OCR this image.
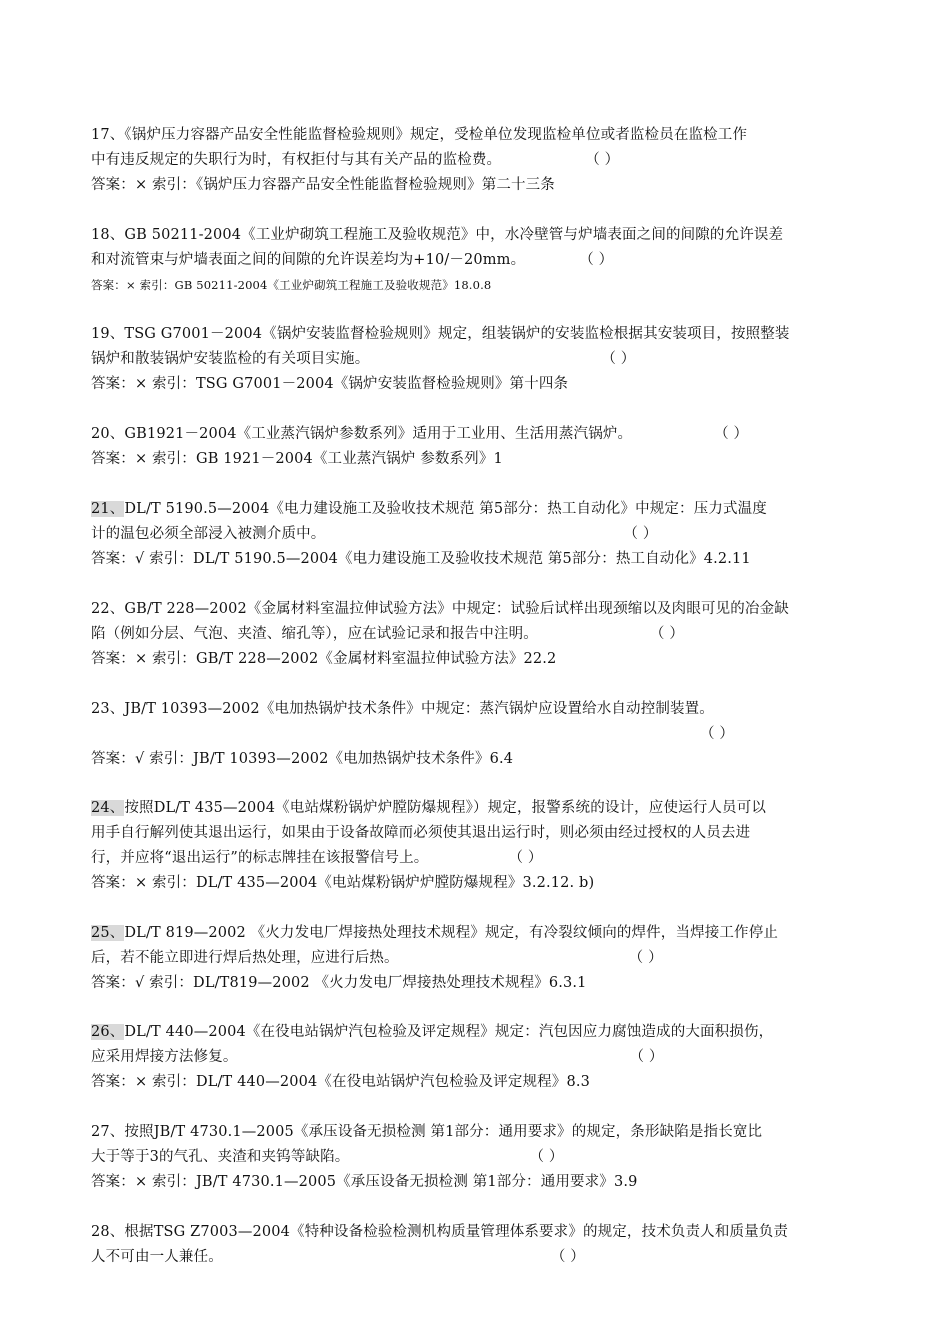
17、《锅炉压力容器产品安全性能监督检验规则》规定，受检单位发现监检单位或者监检员在监检工作
中有违反规定的失职行为时，有权拒付与其有关产品的监检费。	（ ）
答案：× 索引：《锅炉压力容器产品安全性能监督检验规则》第二十三条
18、GB 50211-2004《工业炉砌筑工程施工及验收规范》中，水冷壁管与炉墙表面之间的间隙的允许误差
和对流管束与炉墙表面之间的间隙的允许误差均为+10/－20mm。	（ ）
答案：× 索引：GB 50211-2004《工业炉砌筑工程施工及验收规范》18.0.8
19、TSG G7001－2004《锅炉安装监督检验规则》规定，组装锅炉的安装监检根据其安装项目，按照整装
锅炉和散装锅炉安装监检的有关项目实施。	（ ）
答案：× 索引：TSG G7001－2004《锅炉安装监督检验规则》第十四条
20、GB1921－2004《工业蒸汽锅炉参数系列》适用于工业用、生活用蒸汽锅炉。	（ ）
答案：× 索引：GB 1921－2004《工业蒸汽锅炉 参数系列》1
21、DL/T 5190.5—2004《电力建设施工及验收技术规范 第5部分：热工自动化》中规定：压力式温度
计的温包必须全部浸入被测介质中。	（ ）
答案：√ 索引：DL/T 5190.5—2004《电力建设施工及验收技术规范 第5部分：热工自动化》4.2.11
22、GB/T 228—2002《金属材料室温拉伸试验方法》中规定：试验后试样出现颈缩以及肉眼可见的冶金缺
陷（例如分层、气泡、夹渣、缩孔等），应在试验记录和报告中注明。	（ ）
答案：× 索引：GB/T 228—2002《金属材料室温拉伸试验方法》22.2
23、JB/T 10393—2002《电加热锅炉技术条件》中规定：蒸汽锅炉应设置给水自动控制装置。
（ ）
答案：√ 索引：JB/T 10393—2002《电加热锅炉技术条件》6.4
24、按照DL/T 435—2004《电站煤粉锅炉炉膛防爆规程》）规定，报警系统的设计，应使运行人员可以
用手自行解列使其退出运行，如果由于设备故障而必须使其退出运行时，则必须由经过授权的人员去进
行，并应将“退出运行”的标志牌挂在该报警信号上。	（ ）
答案：× 索引：DL/T 435—2004《电站煤粉锅炉炉膛防爆规程》3.2.12. b)
25、DL/T 819—2002 《火力发电厂焊接热处理技术规程》规定，有冷裂纹倾向的焊件，当焊接工作停止
后，若不能立即进行焊后热处理，应进行后热。	（ ）
答案：√ 索引：DL/T819—2002 《火力发电厂焊接热处理技术规程》6.3.1
26、DL/T 440—2004《在役电站锅炉汽包检验及评定规程》规定：汽包因应力腐蚀造成的大面积损伤，
应采用焊接方法修复。	（ ）
答案：× 索引：DL/T 440—2004《在役电站锅炉汽包检验及评定规程》8.3
27、按照JB/T 4730.1—2005《承压设备无损检测 第1部分：通用要求》的规定，条形缺陷是指长宽比
大于等于3的气孔、夹渣和夹钨等缺陷。	（ ）
答案：× 索引：JB/T 4730.1—2005《承压设备无损检测 第1部分：通用要求》3.9
28、根据TSG Z7003—2004《特种设备检验检测机构质量管理体系要求》的规定，技术负责人和质量负责
人不可由一人兼任。	（ ）
